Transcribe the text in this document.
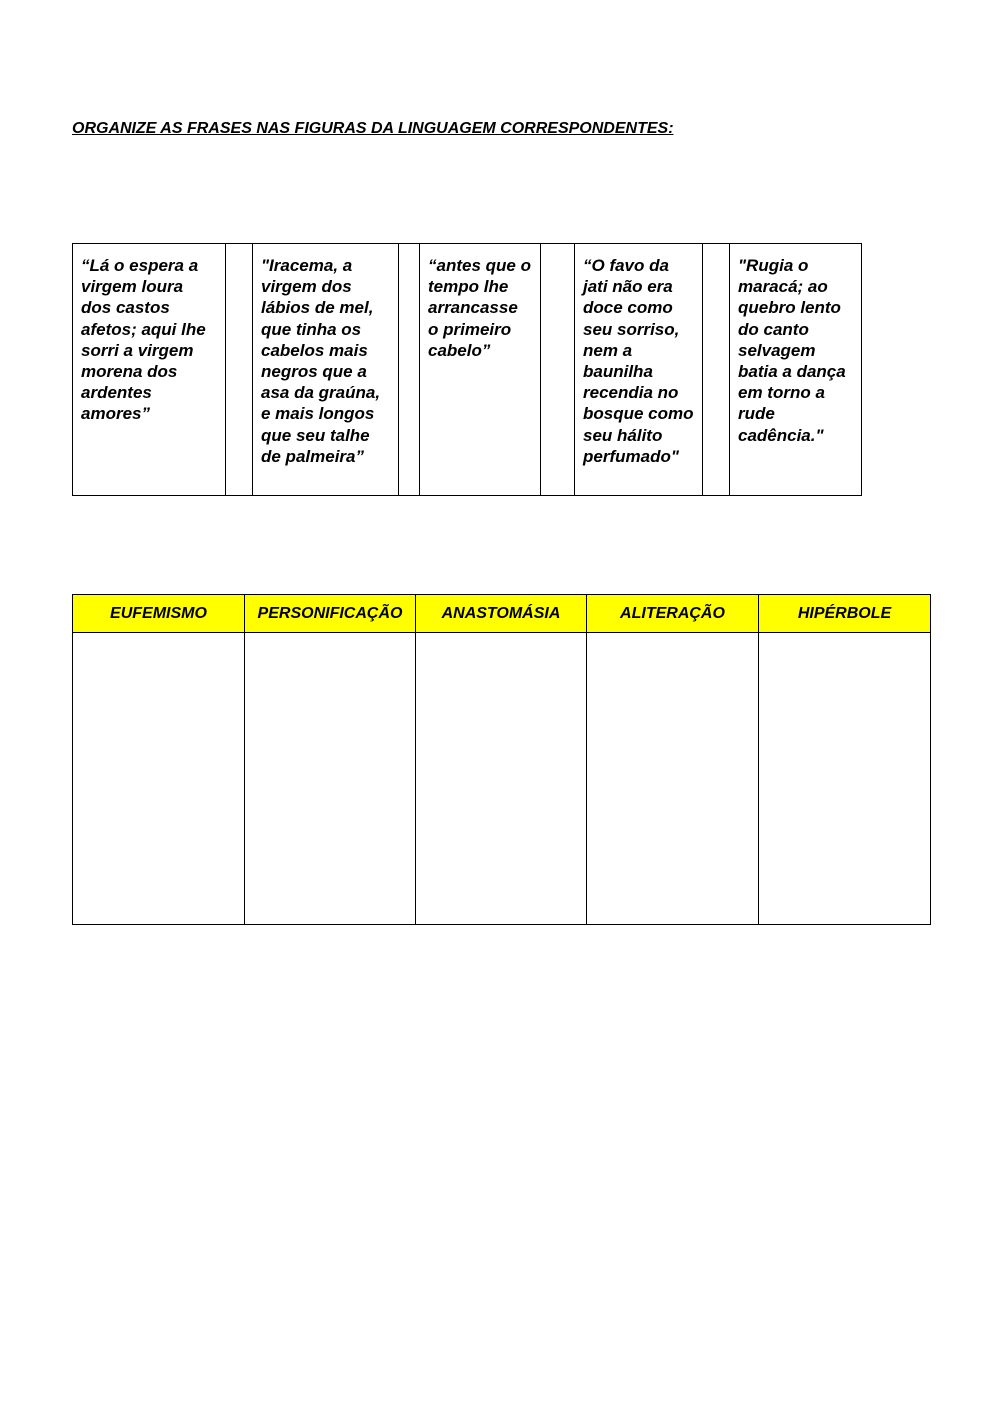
ORGANIZE AS FRASES NAS FIGURAS DA LINGUAGEM CORRESPONDENTES:
“Lá o espera a virgem loura dos castos afetos; aqui lhe sorri a virgem morena dos ardentes amores”		"Iracema, a virgem dos lábios de mel, que tinha os cabelos mais negros que a asa da graúna, e mais longos que seu talhe de palmeira”		“antes que o tempo lhe arrancasse o primeiro cabelo”		“O favo da jati não era doce como seu sorriso, nem a baunilha recendia no bosque como seu hálito perfumado"		"Rugia o maracá; ao quebro lento do canto selvagem batia a dança em torno a rude cadência."
EUFEMISMO	PERSONIFICAÇÃO	ANASTOMÁSIA	ALITERAÇÃO	HIPÉRBOLE
